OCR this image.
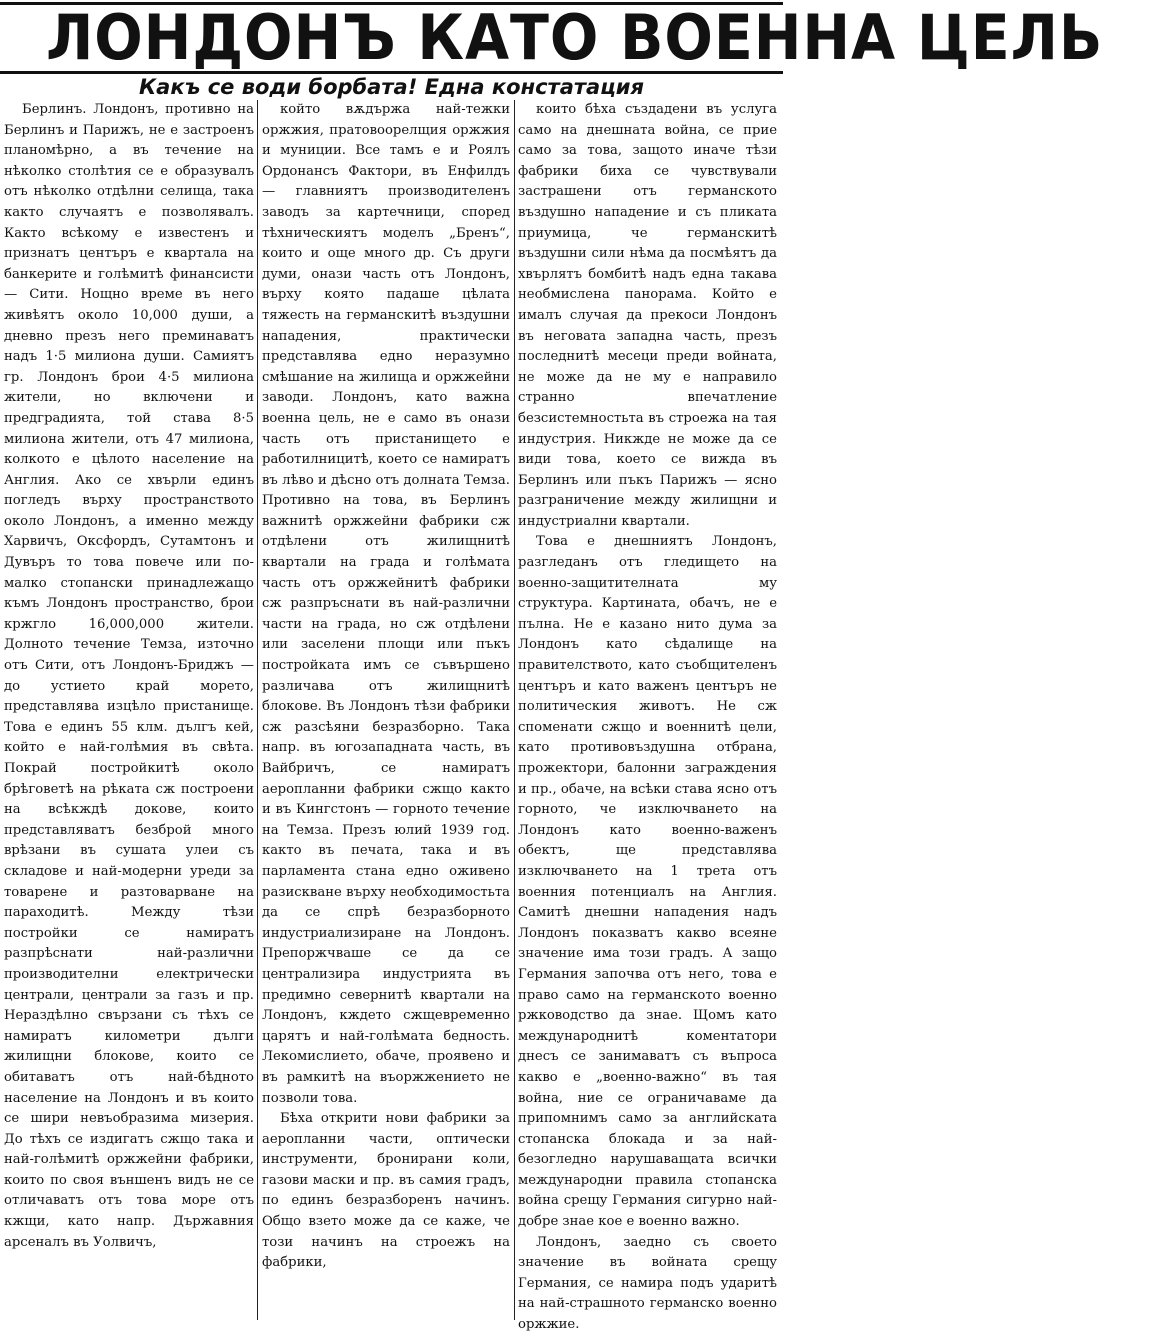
ЛОНДОНЪ КАТО ВОЕННА ЦЕЛЬ
Какъ се води борбата! Една констатация

Берлинъ. Лондонъ, противно на Берлинъ и Парижъ, не е застроенъ планомѣрно, а въ течение на нѣколко столѣтия се е образувалъ отъ нѣколко отдѣлни селища, така както случаятъ е позволявалъ. Както всѣкому е известенъ и признатъ центъръ е квартала на банкерите и голѣмитѣ финансисти — Сити. Нощно време въ него живѣятъ около 10,000 души, а дневно презъ него преминаватъ надъ 1·5 милиона души. Самиятъ гр. Лондонъ брои 4·5 милиона жители, но включени и предградията, той става 8·5 милиона жители, отъ 47 милиона, колкото е цѣлото население на Англия. Ако се хвърли единъ погледъ върху пространството около Лондонъ, а именно между Харвичъ, Оксфордъ, Сутамтонъ и Дувъръ то това повече или по-малко стопански принадлежащо къмъ Лондонъ пространство, брои кржгло 16,000,000 жители. Долното течение Темза, източно отъ Сити, отъ Лондонъ-Бриджъ — до устието край морето, представлява изцѣло пристанище. Това е единъ 55 клм. дългъ кей, който е най-голѣмия въ свѣта. Покрай постройкитѣ около брѣговетѣ на рѣката сж построени на всѣкждѣ докове, които представляватъ безброй много врѣзани въ сушата улеи съ складове и най-модерни уреди за товарене и разтоварване на параходитѣ. Между тѣзи постройки се намиратъ разпрѣснати най-различни производителни електрически централи, централи за газъ и пр. Нераздѣлно свързани съ тѣхъ се намиратъ километри дълги жилищни блокове, които се обитаватъ отъ най-бѣдното население на Лондонъ и въ които се шири невъобразима мизерия. До тѣхъ се издигатъ сжщо така и най-голѣмитѣ оржжейни фабрики, които по своя външенъ видъ не се отличаватъ отъ това море отъ кжщи, като напр. Държавния арсеналъ въ Уолвичъ,

който вѫдържа най-тежки оржжия, пратовоорелщия оржжия и муниции. Все тамъ е и Роялъ Ордонансъ Фактори, въ Енфилдъ — главниятъ производителенъ заводъ за картечници, според тѣхническиятъ моделъ „Бренъ“, които и още много др. Съ други думи, онази часть отъ Лондонъ, върху която падаше цѣлата тяжесть на германскитѣ въздушни нападения, практически представлява едно неразумно смѣшание на жилища и оржжейни заводи. Лондонъ, като важна военна цель, не е само въ онази часть отъ пристанището е работилницитѣ, което се намиратъ въ лѣво и дѣсно отъ долната Темза. Противно на това, въ Берлинъ важнитѣ оржжейни фабрики сж отдѣлени отъ жилищнитѣ квартали на града и голѣмата часть отъ оржжейнитѣ фабрики сж разпръснати въ най-различни части на града, но сж отдѣлени или заселени площи или пъкъ постройката имъ се съвършено различава отъ жилищнитѣ блокове. Въ Лондонъ тѣзи фабрики сж разсѣяни безразборно. Така напр. въ югозападната часть, въ Вайбричъ, се намиратъ аеропланни фабрики сжщо както и въ Кингстонъ — горното течение на Темза. Презъ юлий 1939 год. както въ печата, така и въ парламента стана едно оживено разискване върху необходимостьта да се спрѣ безразборното индустриализиране на Лондонъ. Препоржчваше се да се централизира индустрията въ предимно севернитѣ квартали на Лондонъ, кждето сжщевременно царятъ и най-голѣмата бедность. Лекомислието, обаче, проявено и въ рамкитѣ на въоржжението не позволи това.

Бѣха открити нови фабрики за аеропланни части, оптически инструменти, бронирани коли, газови маски и пр. въ самия градъ, по единъ безразборенъ начинъ. Общо взето може да се каже, че този начинъ на строежъ на фабрики,

които бѣха създадени въ услуга само на днешната война, се прие само за това, защото иначе тѣзи фабрики биха се чувствували застрашени отъ германското въздушно нападение и съ пликата приумица, че германскитѣ въздушни сили нѣма да посмѣятъ да хвърлятъ бомбитѣ надъ една такава необмислена панорама. Който е ималъ случая да прекоси Лондонъ въ неговата западна часть, презъ последнитѣ месеци преди войната, не може да не му е направило странно впечатление безсистемностьта въ строежа на тая индустрия. Никжде не може да се види това, което се вижда въ Берлинъ или пъкъ Парижъ — ясно разграничение между жилищни и индустриални квартали.

Това е днешниятъ Лондонъ, разгледанъ отъ гледището на военно-защитителната му структура. Картината, обачъ, не е пълна. Не е казано нито дума за Лондонъ като сѣдалище на правителството, като съобщителенъ центъръ и като важенъ центъръ не политическия животъ. Не сж споменати сжщо и военнитѣ цели, като противовъздушна отбрана, прожектори, балонни заграждения и пр., обаче, на всѣки става ясно отъ горното, че изключването на Лондонъ като военно-важенъ обектъ, ще представлява изключването на 1 третa отъ военния потенциалъ на Англия. Самитѣ днешни нападения надъ Лондонъ показватъ какво всеяне значение има този градъ. А защо Германия започва отъ него, това е право само на германското военно ржководство да знае. Щомъ като международнитѣ коментатори днесъ се занимаватъ съ въпроса какво е „военно-важно“ въ тая война, ние се ограничаваме да припомнимъ само за английската стопанска блокада и за най-безогледно нарушаващата всички международни правила стопанска война срещу Германия сигурно най-добре знае кое е военно важно.

Лондонъ, заедно съ своето значение въ войната срещу Германия, се намира подъ ударитѣ на най-страшното германско военно оржжие.
